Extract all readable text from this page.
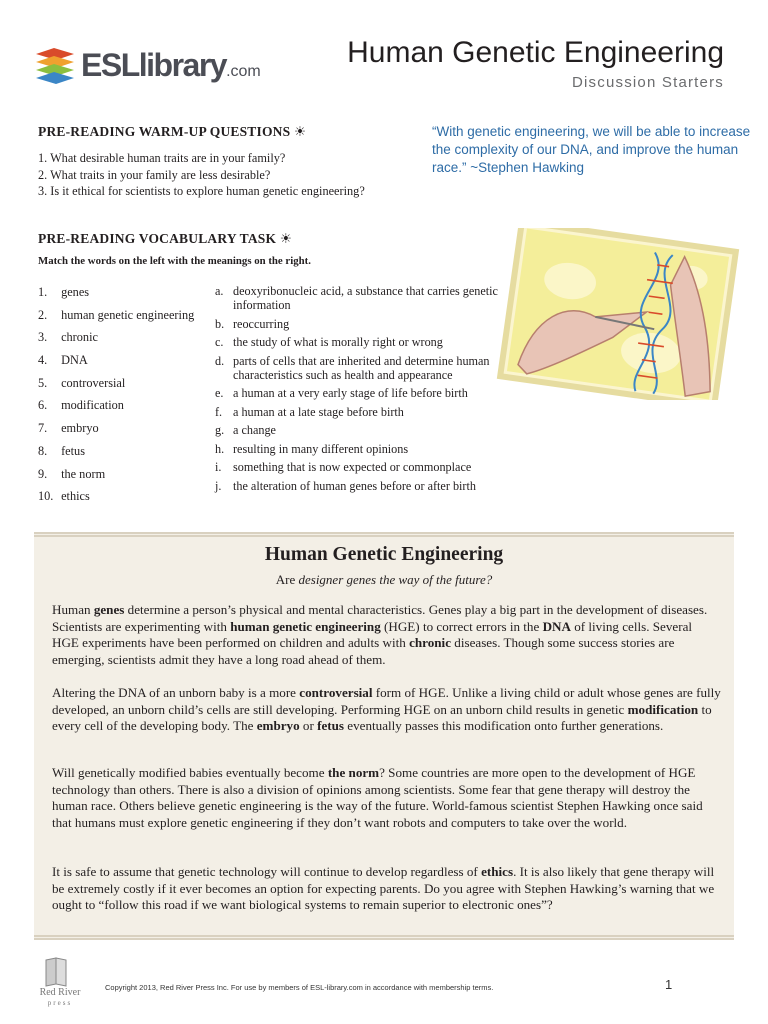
ESLlibrary.com
Human Genetic Engineering
Discussion Starters
PRE-READING WARM-UP QUESTIONS ☀
1. What desirable human traits are in your family?
2. What traits in your family are less desirable?
3. Is it ethical for scientists to explore human genetic engineering?
“With genetic engineering, we will be able to increase the complexity of our DNA, and improve the human race.” ~Stephen Hawking
PRE-READING VOCABULARY TASK ☀
Match the words on the left with the meanings on the right.
1. genes
2. human genetic engineering
3. chronic
4. DNA
5. controversial
6. modification
7. embryo
8. fetus
9. the norm
10. ethics
a. deoxyribonucleic acid, a substance that carries genetic information
b. reoccurring
c. the study of what is morally right or wrong
d. parts of cells that are inherited and determine human characteristics such as health and appearance
e. a human at a very early stage of life before birth
f. a human at a late stage before birth
g. a change
h. resulting in many different opinions
i. something that is now expected or commonplace
j. the alteration of human genes before or after birth
Human Genetic Engineering
Are designer genes the way of the future?

Human genes determine a person’s physical and mental characteristics. Genes play a big part in the development of diseases. Scientists are experimenting with human genetic engineering (HGE) to correct errors in the DNA of living cells. Several HGE experiments have been performed on children and adults with chronic diseases. Though some success stories are emerging, scientists admit they have a long road ahead of them.

Altering the DNA of an unborn baby is a more controversial form of HGE. Unlike a living child or adult whose genes are fully developed, an unborn child’s cells are still developing. Performing HGE on an unborn child results in genetic modification to every cell of the developing body. The embryo or fetus eventually passes this modification onto further generations.

Will genetically modified babies eventually become the norm? Some countries are more open to the development of HGE technology than others. There is also a division of opinions among scientists. Some fear that gene therapy will destroy the human race. Others believe genetic engineering is the way of the future. World-famous scientist Stephen Hawking once said that humans must explore genetic engineering if they don’t want robots and computers to take over the world.

It is safe to assume that genetic technology will continue to develop regardless of ethics. It is also likely that gene therapy will be extremely costly if it ever becomes an option for expecting parents. Do you agree with Stephen Hawking’s warning that we ought to “follow this road if we want biological systems to remain superior to electronic ones”?

Red River
press
Copyright 2013, Red River Press Inc. For use by members of ESL-library.com in accordance with membership terms.	1
